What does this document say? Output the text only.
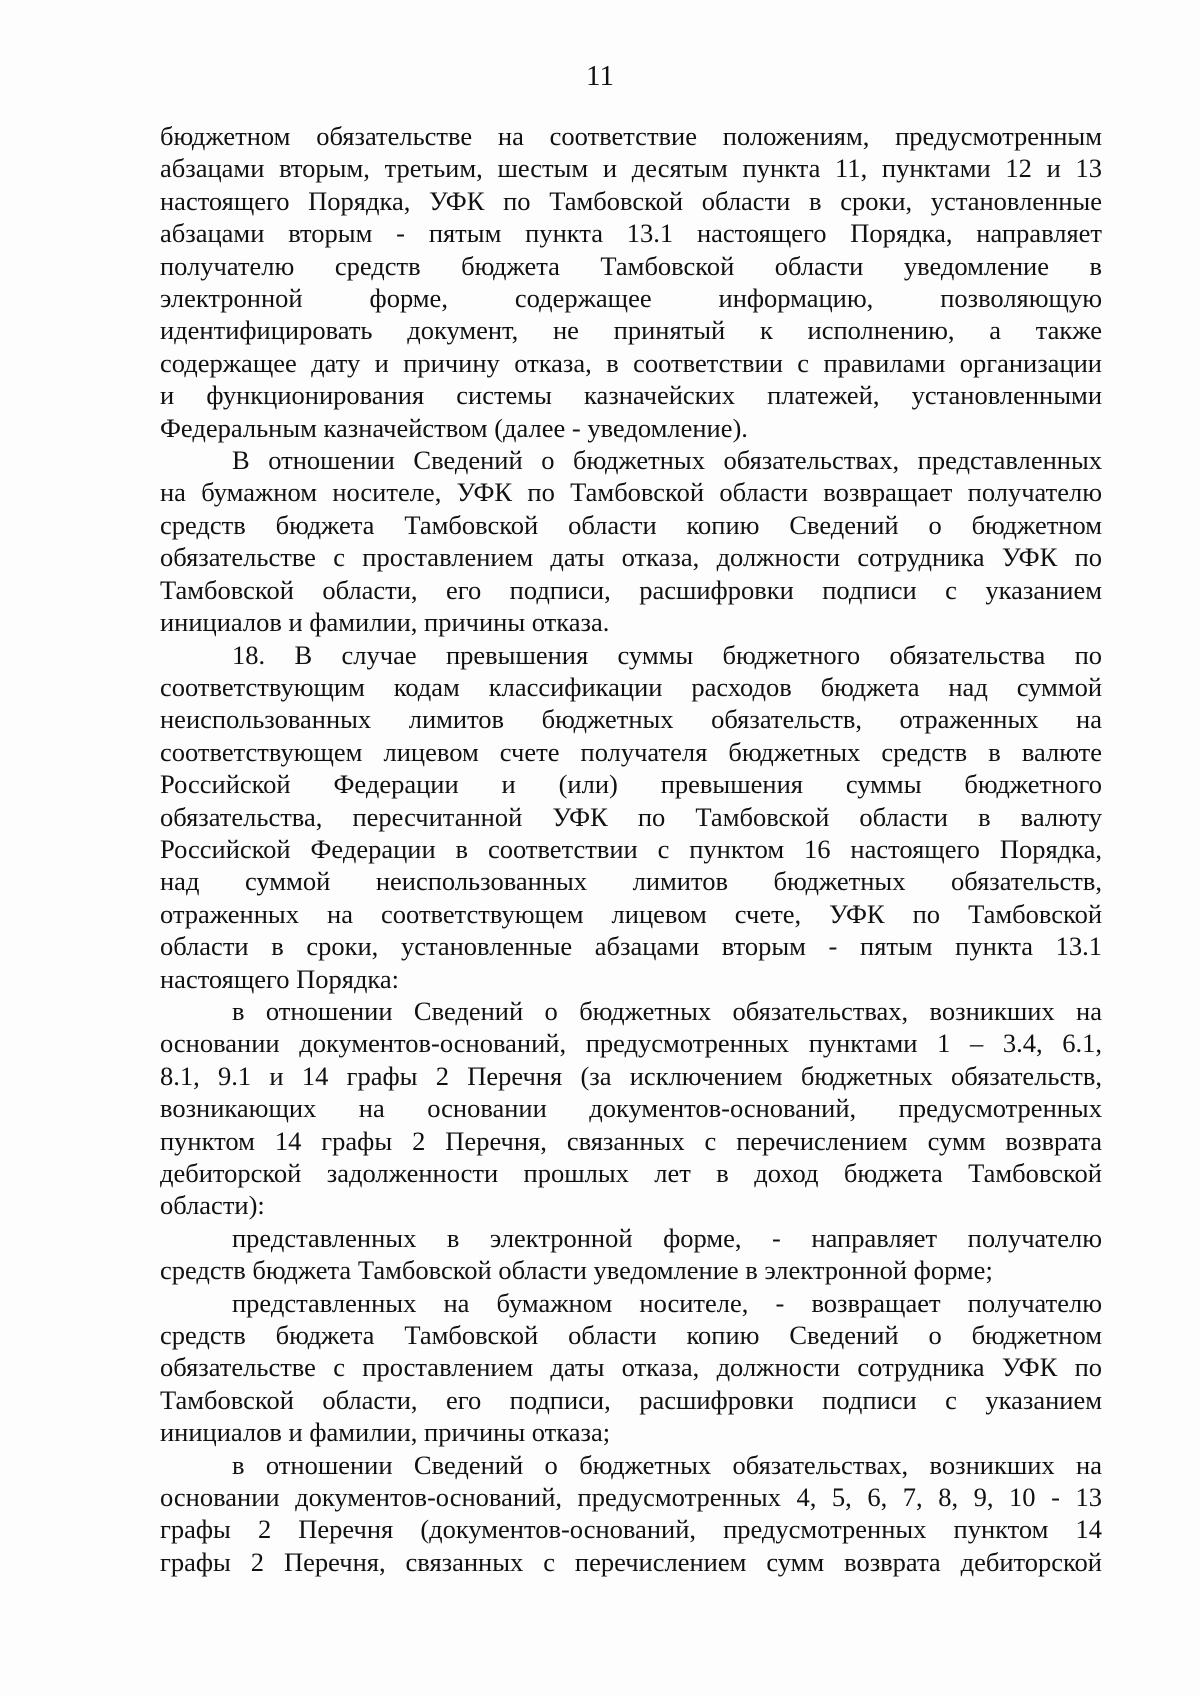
11
бюджетном обязательстве на соответствие положениям, предусмотренным
абзацами вторым, третьим, шестым и десятым пункта 11, пунктами 12 и 13
настоящего Порядка, УФК по Тамбовской области в сроки, установленные
абзацами вторым - пятым пункта 13.1 настоящего Порядка, направляет
получателю средств бюджета Тамбовской области уведомление в
электронной форме, содержащее информацию, позволяющую
идентифицировать документ, не принятый к исполнению, а также
содержащее дату и причину отказа, в соответствии с правилами организации
и функционирования системы казначейских платежей, установленными
Федеральным казначейством (далее - уведомление).
В отношении Сведений о бюджетных обязательствах, представленных
на бумажном носителе, УФК по Тамбовской области возвращает получателю
средств бюджета Тамбовской области копию Сведений о бюджетном
обязательстве с проставлением даты отказа, должности сотрудника УФК по
Тамбовской области, его подписи, расшифровки подписи с указанием
инициалов и фамилии, причины отказа.
18. В случае превышения суммы бюджетного обязательства по
соответствующим кодам классификации расходов бюджета над суммой
неиспользованных лимитов бюджетных обязательств, отраженных на
соответствующем лицевом счете получателя бюджетных средств в валюте
Российской Федерации и (или) превышения суммы бюджетного
обязательства, пересчитанной УФК по Тамбовской области в валюту
Российской Федерации в соответствии с пунктом 16 настоящего Порядка,
над суммой неиспользованных лимитов бюджетных обязательств,
отраженных на соответствующем лицевом счете, УФК по Тамбовской
области в сроки, установленные абзацами вторым - пятым пункта 13.1
настоящего Порядка:
в отношении Сведений о бюджетных обязательствах, возникших на
основании документов-оснований, предусмотренных пунктами 1 – 3.4, 6.1,
8.1, 9.1 и 14 графы 2 Перечня (за исключением бюджетных обязательств,
возникающих на основании документов-оснований, предусмотренных
пунктом 14 графы 2 Перечня, связанных с перечислением сумм возврата
дебиторской задолженности прошлых лет в доход бюджета Тамбовской
области):
представленных в электронной форме, - направляет получателю
средств бюджета Тамбовской области уведомление в электронной форме;
представленных на бумажном носителе, - возвращает получателю
средств бюджета Тамбовской области копию Сведений о бюджетном
обязательстве с проставлением даты отказа, должности сотрудника УФК по
Тамбовской области, его подписи, расшифровки подписи с указанием
инициалов и фамилии, причины отказа;
в отношении Сведений о бюджетных обязательствах, возникших на
основании документов-оснований, предусмотренных 4, 5, 6, 7, 8, 9, 10 - 13
графы 2 Перечня (документов-оснований, предусмотренных пунктом 14
графы 2 Перечня, связанных с перечислением сумм возврата дебиторской
